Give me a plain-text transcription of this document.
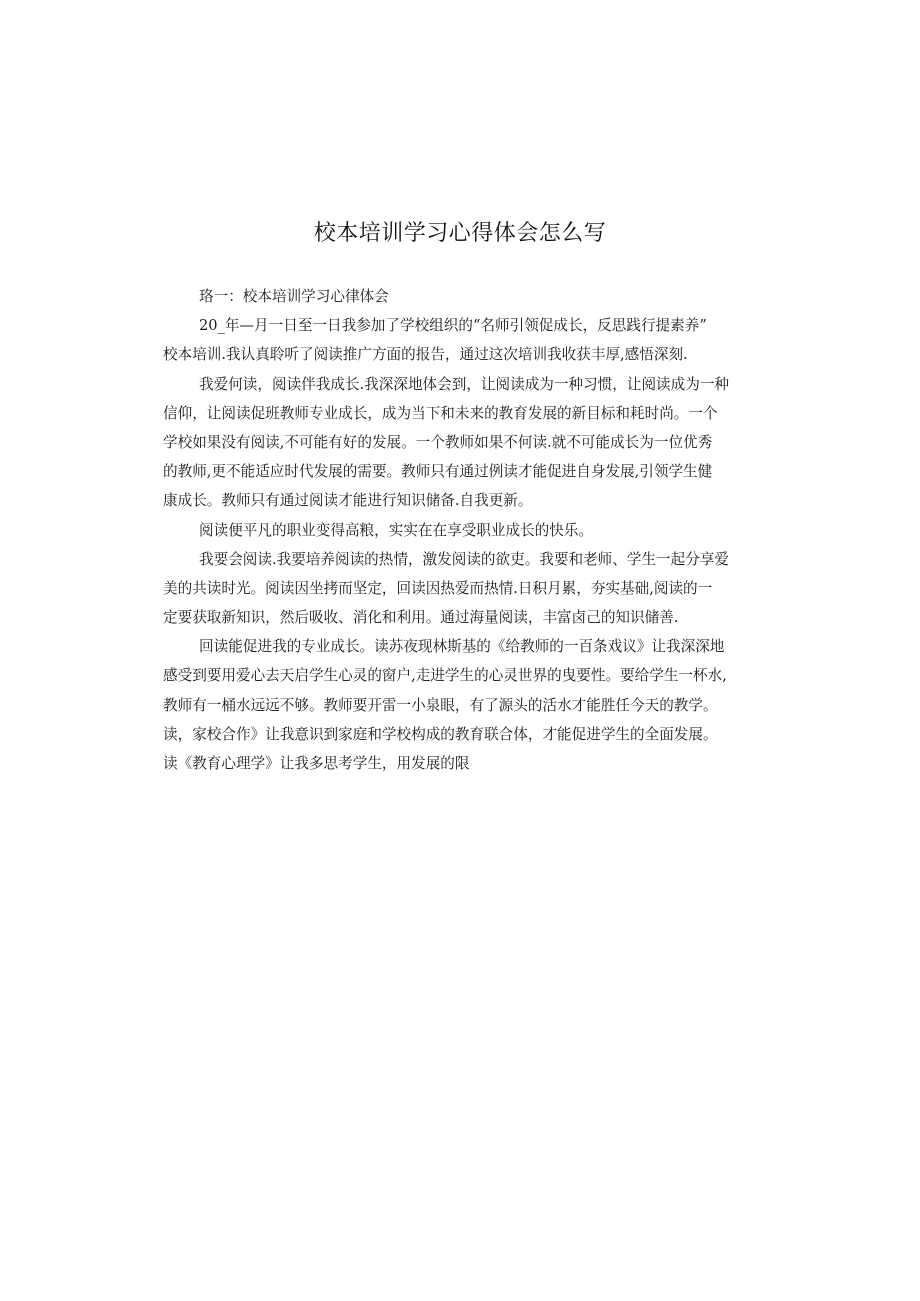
校本培训学习心得体会怎么写
珞一：校本培训学习心律体会
20_年—月一日至一日我参加了学校组织的“名师引领促成长，反思践行提素养”
校本培训.我认真聆听了阅读推广方面的报告，通过这次培训我收获丰厚,感悟深刻.
我爱何读，阅读伴我成长.我深深地体会到，让阅读成为一种习惯，让阅读成为一种
信仰，让阅读促班教师专业成长，成为当下和未来的教育发展的新目标和耗时尚。一个
学校如果没有阅读,不可能有好的发展。一个教师如果不何读.就不可能成长为一位优秀
的教师,更不能适应时代发展的需要。教师只有通过例读才能促进自身发展,引领学生健
康成长。教师只有通过阅读才能进行知识储备.自我更新。
阅读便平凡的职业变得高粮，实实在在享受职业成长的快乐。
我要会阅读.我要培养阅读的热情，激发阅读的欲吏。我要和老师、学生一起分享爱
美的共读时光。阅读因坐拷而坚定，回读因热爱而热情.日积月累，夯实基础,阅读的一
定要获取新知识，然后吸收、消化和利用。通过海量阅读，丰富卤己的知识储善.
回读能促进我的专业成长。读苏夜现林斯基的《给教师的一百条戏议》让我深深地
感受到要用爱心去天启学生心灵的窗户,走进学生的心灵世界的曳要性。要给学生一杯水,
教师有一桶水远远不够。教师要开雷一小泉眼，有了源头的活水才能胜任今天的教学。
读，家校合作》让我意识到家庭和学校构成的教育联合体，才能促进学生的全面发展。
读《教育心理学》让我多思考学生，用发展的限
